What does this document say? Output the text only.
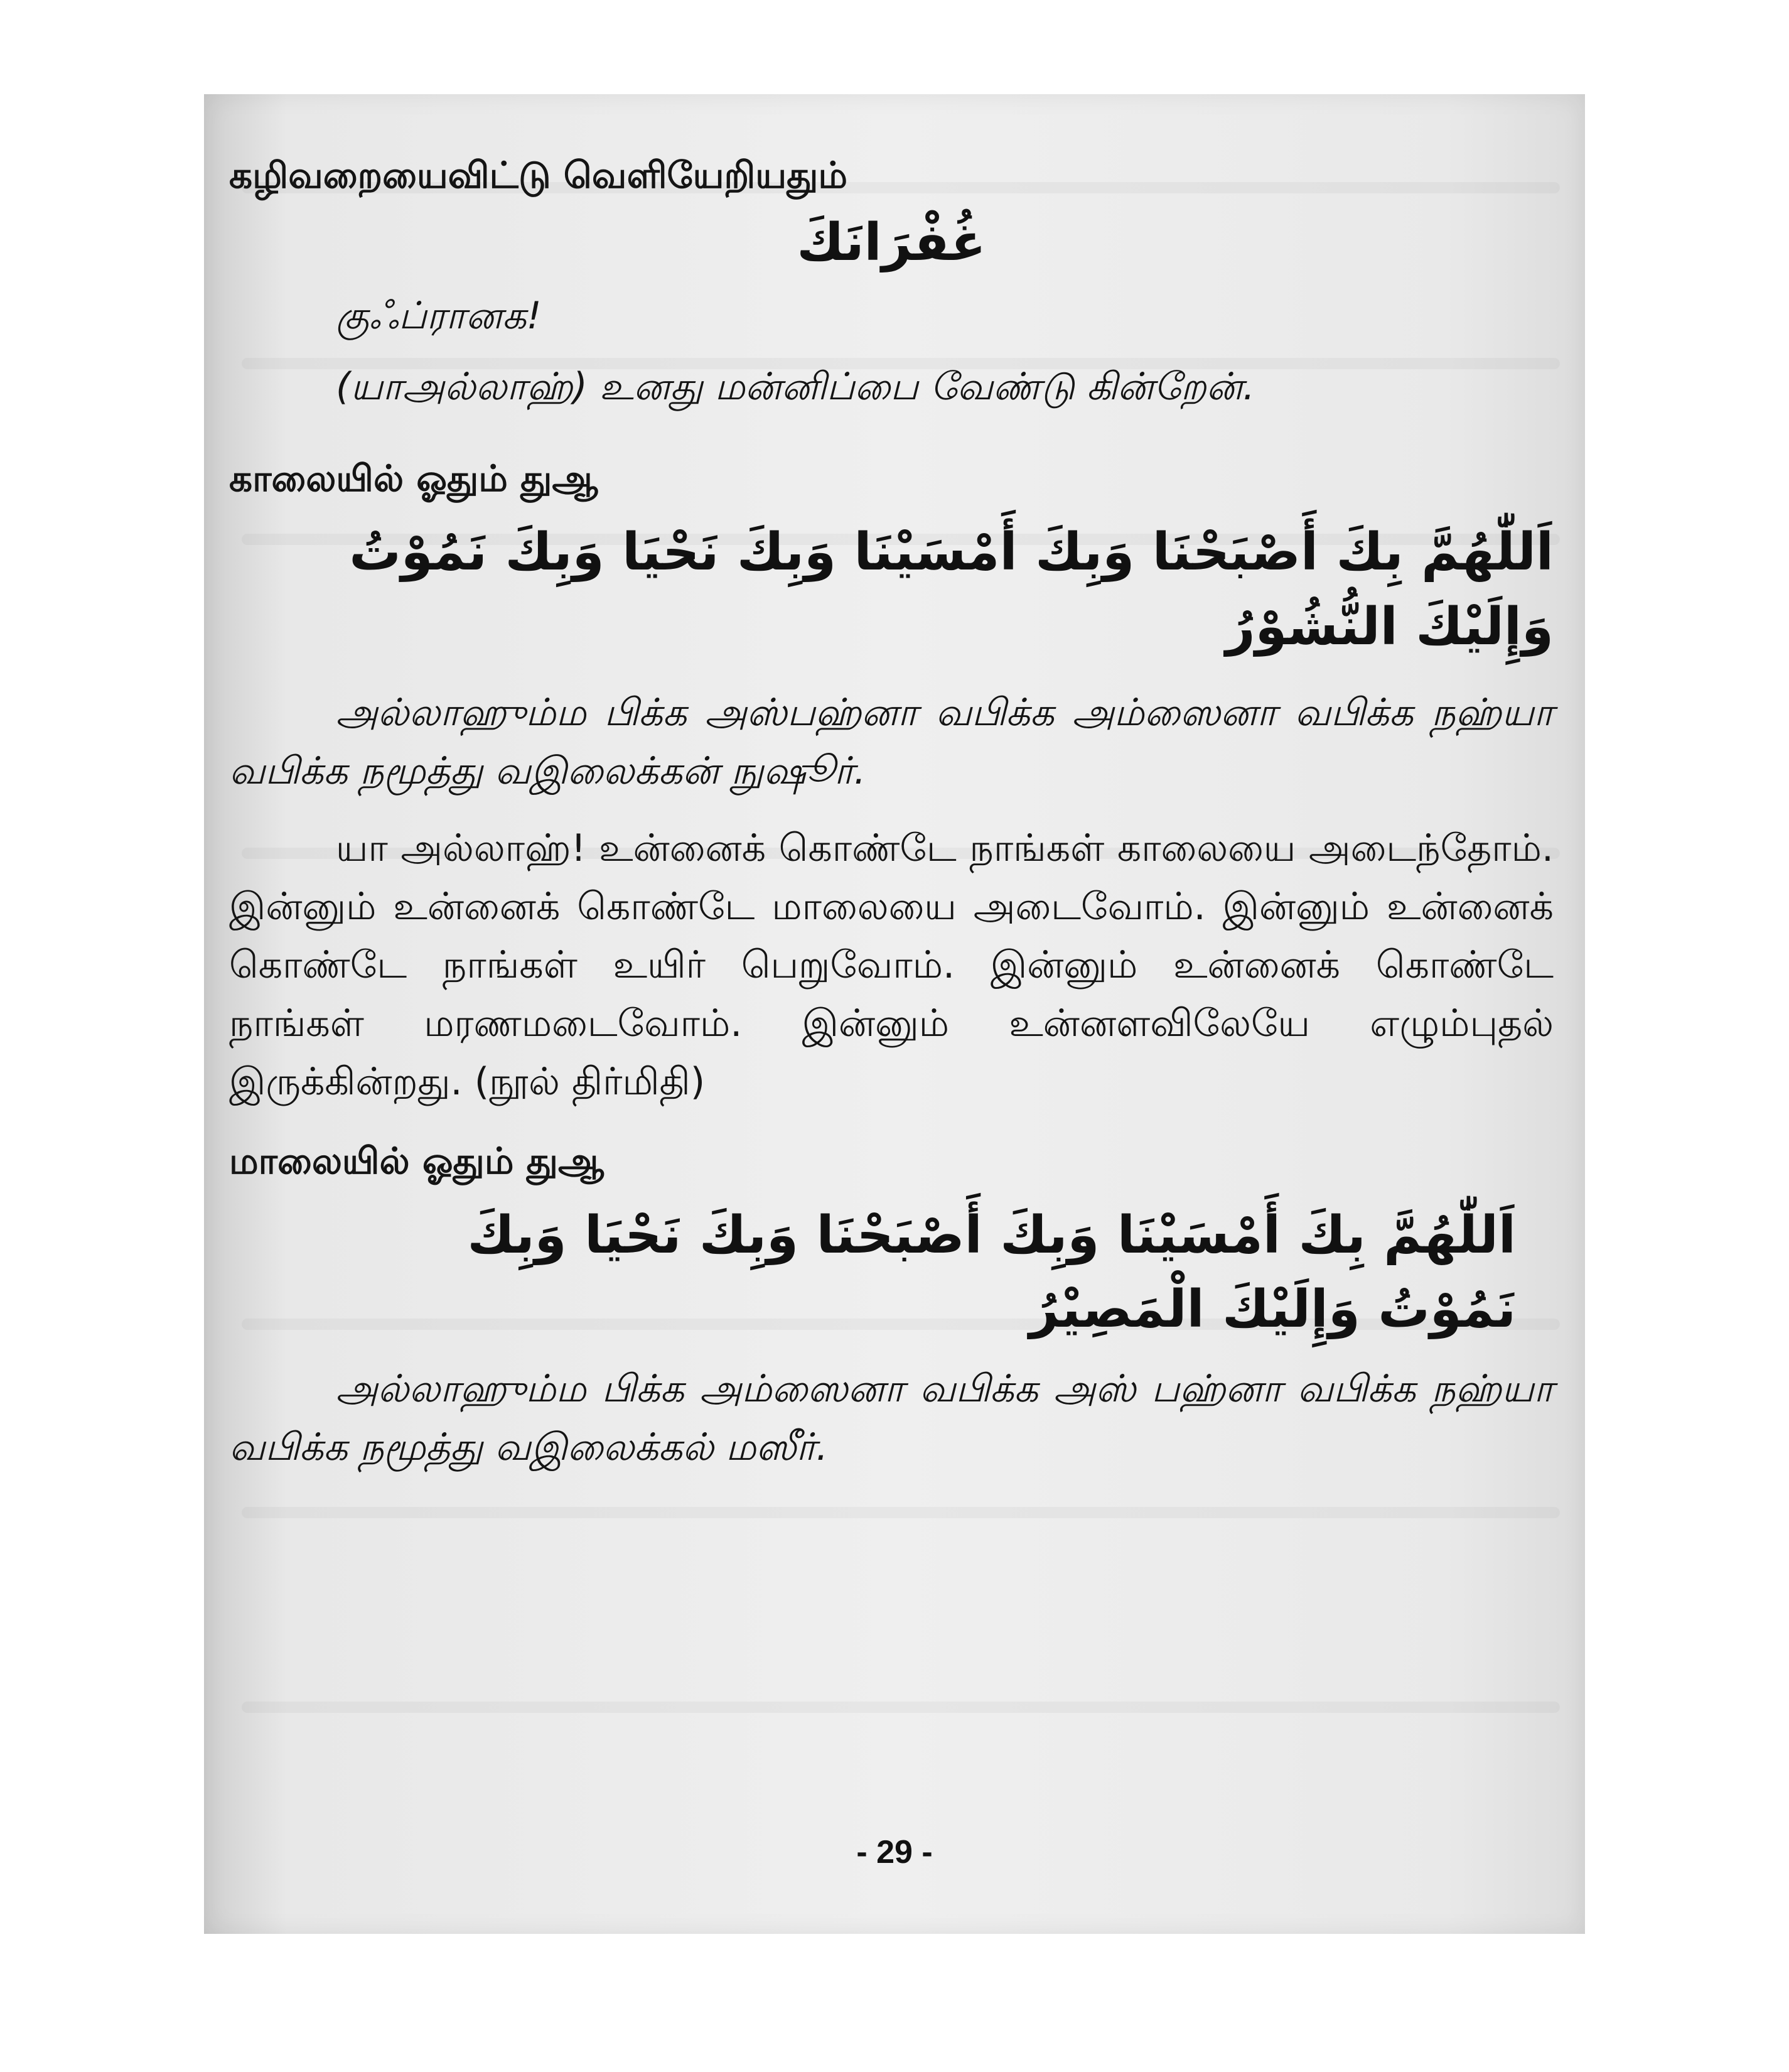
கழிவறையைவிட்டு வெளியேறியதும்

غُفْرَانَكَ

குஃப்ரானக!

(யாஅல்லாஹ்) உனது மன்னிப்பை வேண்டு கின்றேன்.

காலையில் ஓதும் துஆ

اَللّٰهُمَّ بِكَ أَصْبَحْنَا وَبِكَ أَمْسَيْنَا وَبِكَ نَحْيَا وَبِكَ نَمُوْتُ وَإِلَيْكَ النُّشُوْرُ

அல்லாஹும்ம பிக்க அஸ்பஹ்னா வபிக்க அம்ஸைனா வபிக்க நஹ்யா வபிக்க நமூத்து வஇலைக்கன் நுஷூர்.

யா அல்லாஹ்! உன்னைக் கொண்டே நாங்கள் காலையை அடைந்தோம். இன்னும் உன்னைக் கொண்டே மாலையை அடைவோம். இன்னும் உன்னைக் கொண்டே நாங்கள் உயிர் பெறுவோம். இன்னும் உன்னைக் கொண்டே நாங்கள் மரணமடைவோம். இன்னும் உன்னளவிலேயே எழும்புதல் இருக்கின்றது. (நூல் திர்மிதி)

மாலையில் ஓதும் துஆ

اَللّٰهُمَّ بِكَ أَمْسَيْنَا وَبِكَ أَصْبَحْنَا وَبِكَ نَحْيَا وَبِكَ نَمُوْتُ وَإِلَيْكَ الْمَصِيْرُ

அல்லாஹும்ம பிக்க அம்ஸைனா வபிக்க அஸ் பஹ்னா வபிக்க நஹ்யா வபிக்க நமூத்து வஇலைக்கல் மஸீர்.

- 29 -
